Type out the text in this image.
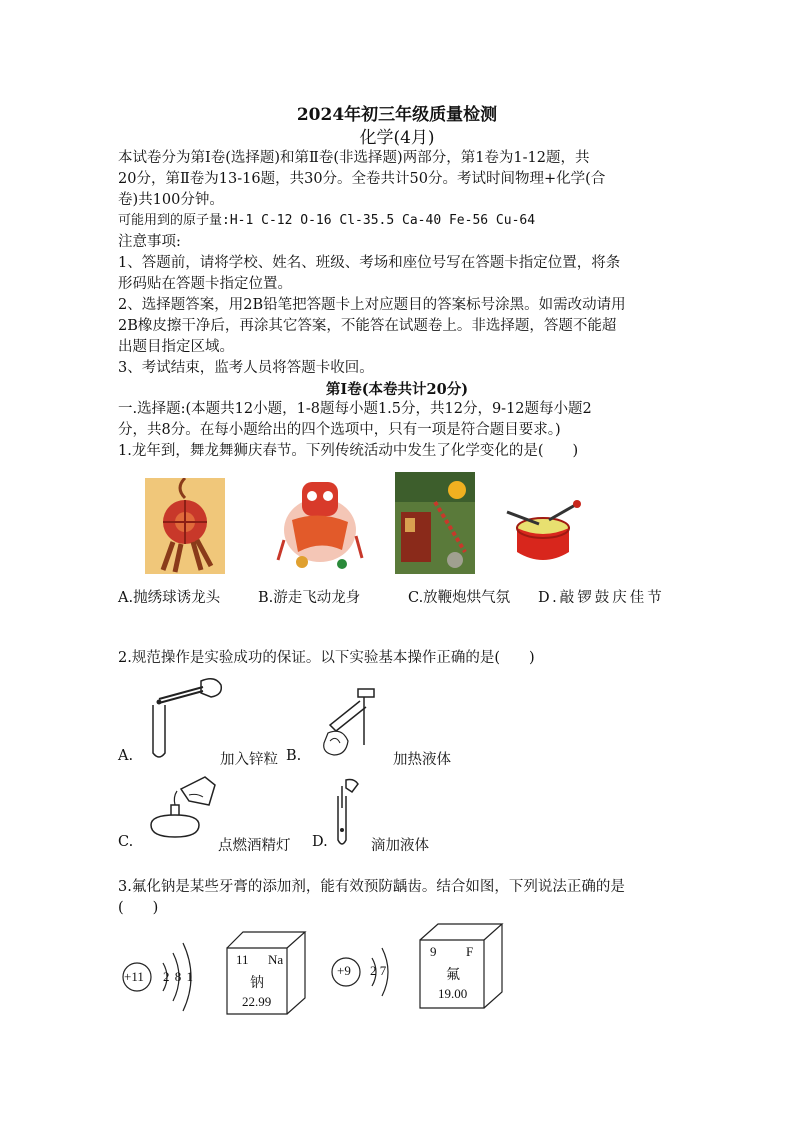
2024年初三年级质量检测
化学(4月)
本试卷分为第Ⅰ卷(选择题)和第Ⅱ卷(非选择题)两部分，第1卷为1-12题，共
20分，第Ⅱ卷为13-16题，共30分。全卷共计50分。考试时间物理+化学(合
卷)共100分钟。
可能用到的原子量:H-1 C-12 O-16 Cl-35.5 Ca-40 Fe-56 Cu-64
注意事项:
1、答题前，请将学校、姓名、班级、考场和座位号写在答题卡指定位置，将条
形码贴在答题卡指定位置。
2、选择题答案，用2B铅笔把答题卡上对应题目的答案标号涂黑。如需改动请用
2B橡皮擦干净后，再涂其它答案，不能答在试题卷上。非选择题，答题不能超
出题目指定区域。
3、考试结束，监考人员将答题卡收回。
第Ⅰ卷(本卷共计20分)
一.选择题:(本题共12小题，1-8题每小题1.5分，共12分，9-12题每小题2
分，共8分。在每小题给出的四个选项中，只有一项是符合题目要求。)
1.龙年到，舞龙舞狮庆春节。下列传统活动中发生了化学变化的是(　　)
A.抛绣球诱龙头	B.游走飞动龙身	C.放鞭炮烘气氛 D.敲锣鼓庆佳节
2.规范操作是实验成功的保证。以下实验基本操作正确的是(　　)
A.	加入锌粒 B.	加热液体
C.	点燃酒精灯 D.	滴加液体
3.氟化钠是某些牙膏的添加剂，能有效预防龋齿。结合如图，下列说法正确的是
(　　)
+11 2 8 1
11 Na
钠
22.99
+9 2 7
9 F
氟
19.00
